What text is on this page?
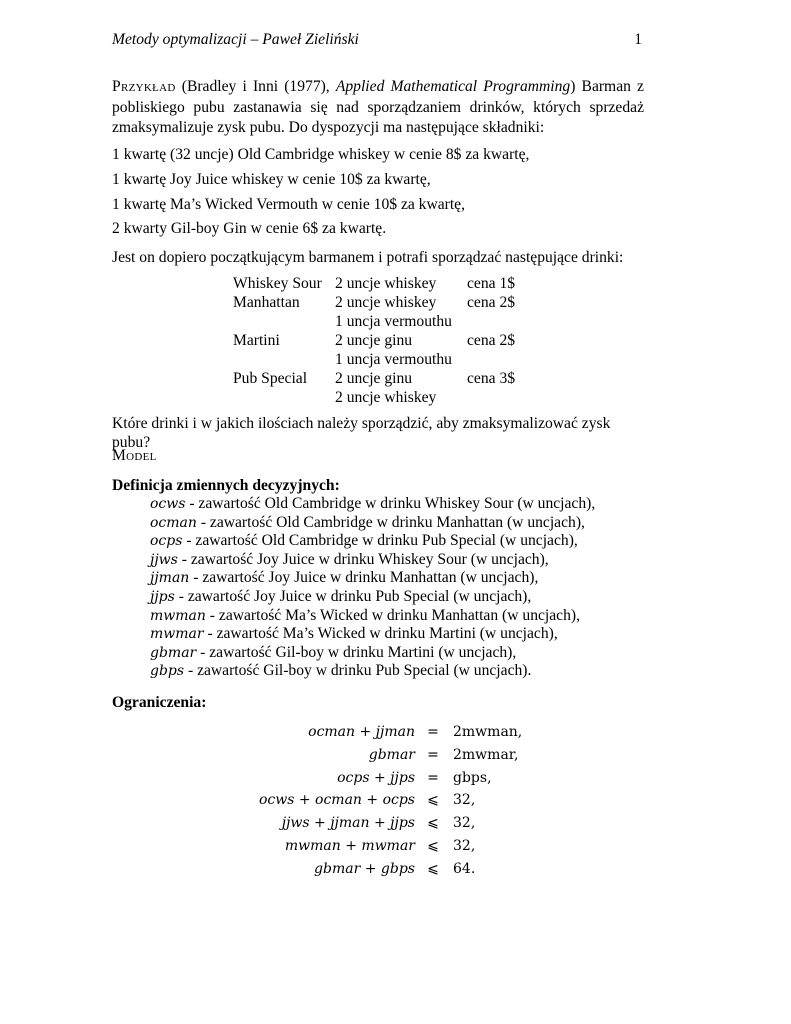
Metody optymalizacji – Paweł Zieliński	1

Przykład (Bradley i Inni (1977), Applied Mathematical Programming) Barman z pobliskiego pubu zastanawia się nad sporządzaniem drinków, których sprzedaż zmaksymalizuje zysk pubu. Do dyspozycji ma następujące składniki:

1 kwartę (32 uncje) Old Cambridge whiskey w cenie 8$ za kwartę,
1 kwartę Joy Juice whiskey w cenie 10$ za kwartę,
1 kwartę Ma’s Wicked Vermouth w cenie 10$ za kwartę,
2 kwarty Gil-boy Gin w cenie 6$ za kwartę.
Jest on dopiero początkującym barmanem i potrafi sporządzać następujące drinki:
Whiskey Sour	2 uncje whiskey	cena 1$
Manhattan	2 uncje whiskey	cena 2$
	1 uncja vermouthu	
Martini	2 uncje ginu	cena 2$
	1 uncja vermouthu	
Pub Special	2 uncje ginu	cena 3$
	2 uncje whiskey	
Które drinki i w jakich ilościach należy sporządzić, aby zmaksymalizować zysk pubu?
Model
Definicja zmiennych decyzyjnych:
ocws - zawartość Old Cambridge w drinku Whiskey Sour (w uncjach),
ocman - zawartość Old Cambridge w drinku Manhattan (w uncjach),
ocps - zawartość Old Cambridge w drinku Pub Special (w uncjach),
jjws - zawartość Joy Juice w drinku Whiskey Sour (w uncjach),
jjman - zawartość Joy Juice w drinku Manhattan (w uncjach),
jjps - zawartość Joy Juice w drinku Pub Special (w uncjach),
mwman - zawartość Ma’s Wicked w drinku Manhattan (w uncjach),
mwmar - zawartość Ma’s Wicked w drinku Martini (w uncjach),
gbmar - zawartość Gil-boy w drinku Martini (w uncjach),
gbps - zawartość Gil-boy w drinku Pub Special (w uncjach).
Ograniczenia:
ocman + jjman = 2mwman,
gbmar = 2mwmar,
ocps + jjps = gbps,
ocws + ocman + ocps ⩽ 32,
jjws + jjman + jjps ⩽ 32,
mwman + mwmar ⩽ 32,
gbmar + gbps ⩽ 64.
